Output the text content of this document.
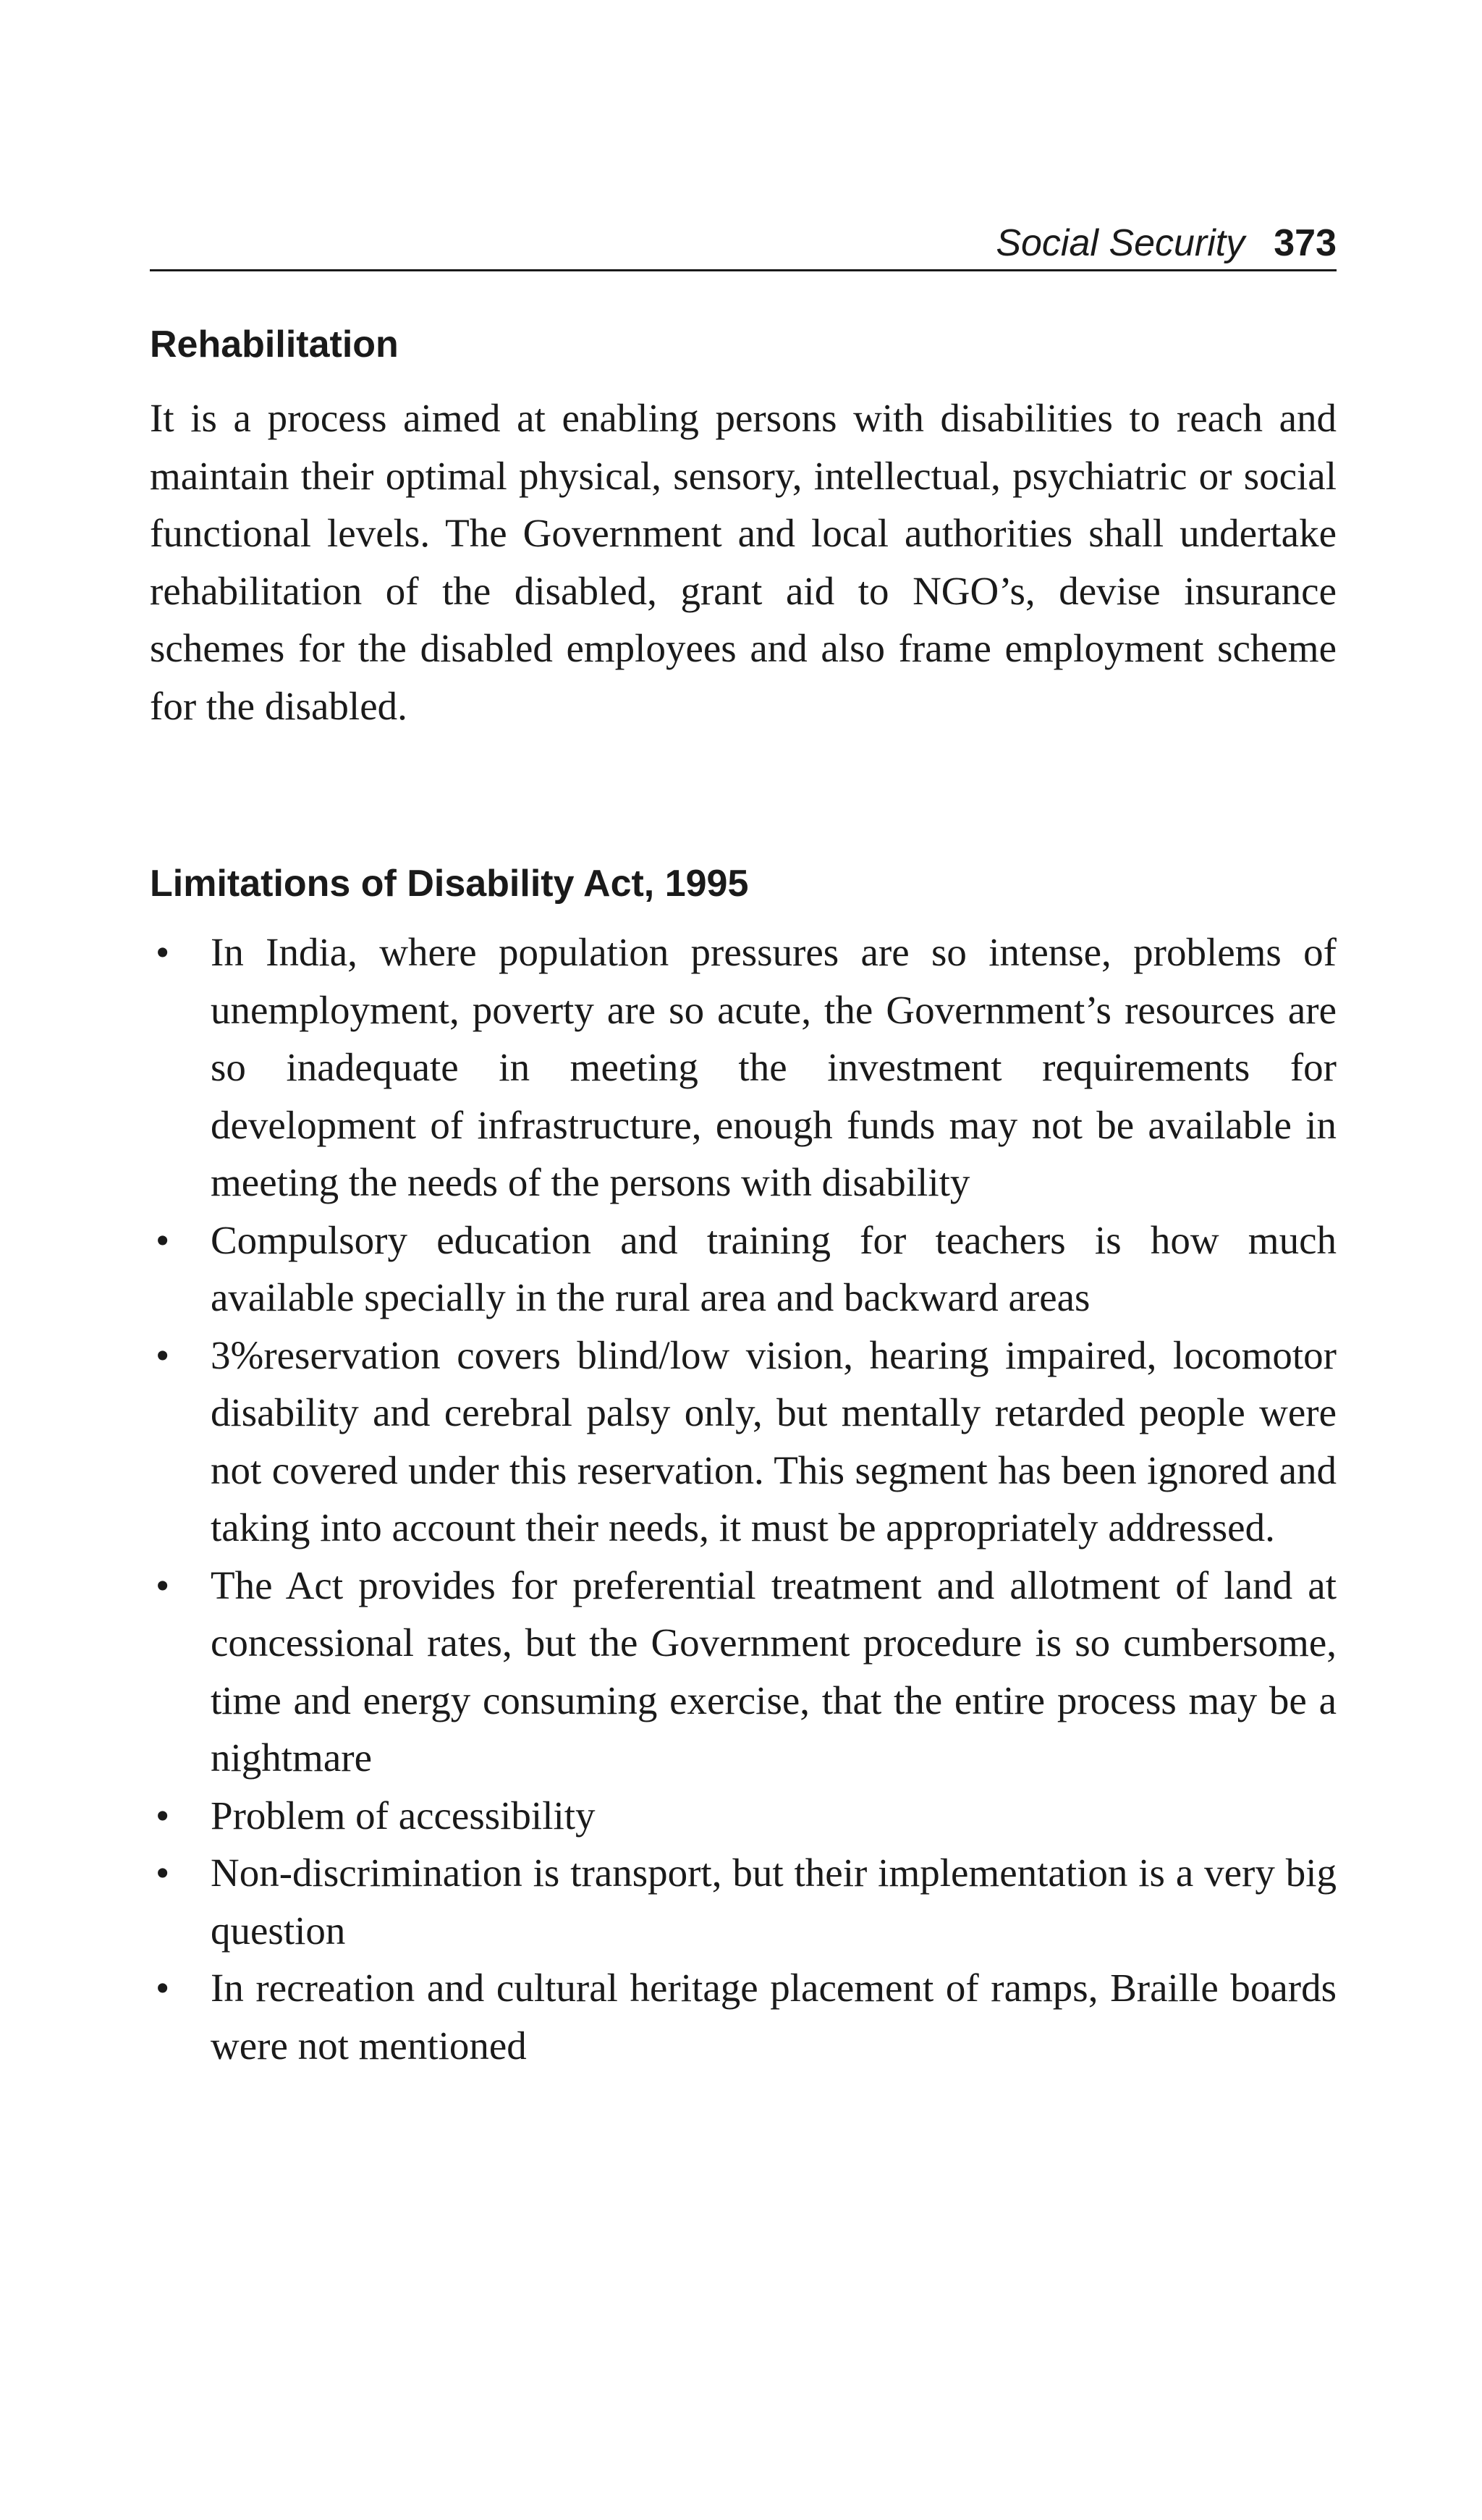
Social Security 373
Rehabilitation

It is a process aimed at enabling persons with disabilities to reach and maintain their optimal physical, sensory, intellectual, psychiatric or social functional levels. The Government and local authorities shall undertake rehabilitation of the disabled, grant aid to NGO’s, devise insurance schemes for the disabled employees and also frame employment scheme for the disabled.

Limitations of Disability Act, 1995
• In India, where population pressures are so intense, problems of unemployment, poverty are so acute, the Government’s resources are so inadequate in meeting the investment requirements for development of infrastructure, enough funds may not be available in meeting the needs of the persons with disability
• Compulsory education and training for teachers is how much available specially in the rural area and backward areas
• 3%reservation covers blind/low vision, hearing impaired, locomotor disability and cerebral palsy only, but mentally retarded people were not covered under this reservation. This segment has been ignored and taking into account their needs, it must be appropriately addressed.
• The Act provides for preferential treatment and allotment of land at concessional rates, but the Government procedure is so cumbersome, time and energy consuming exercise, that the entire process may be a nightmare
• Problem of accessibility
• Non-discrimination is transport, but their implementation is a very big question
• In recreation and cultural heritage placement of ramps, Braille boards were not mentioned
